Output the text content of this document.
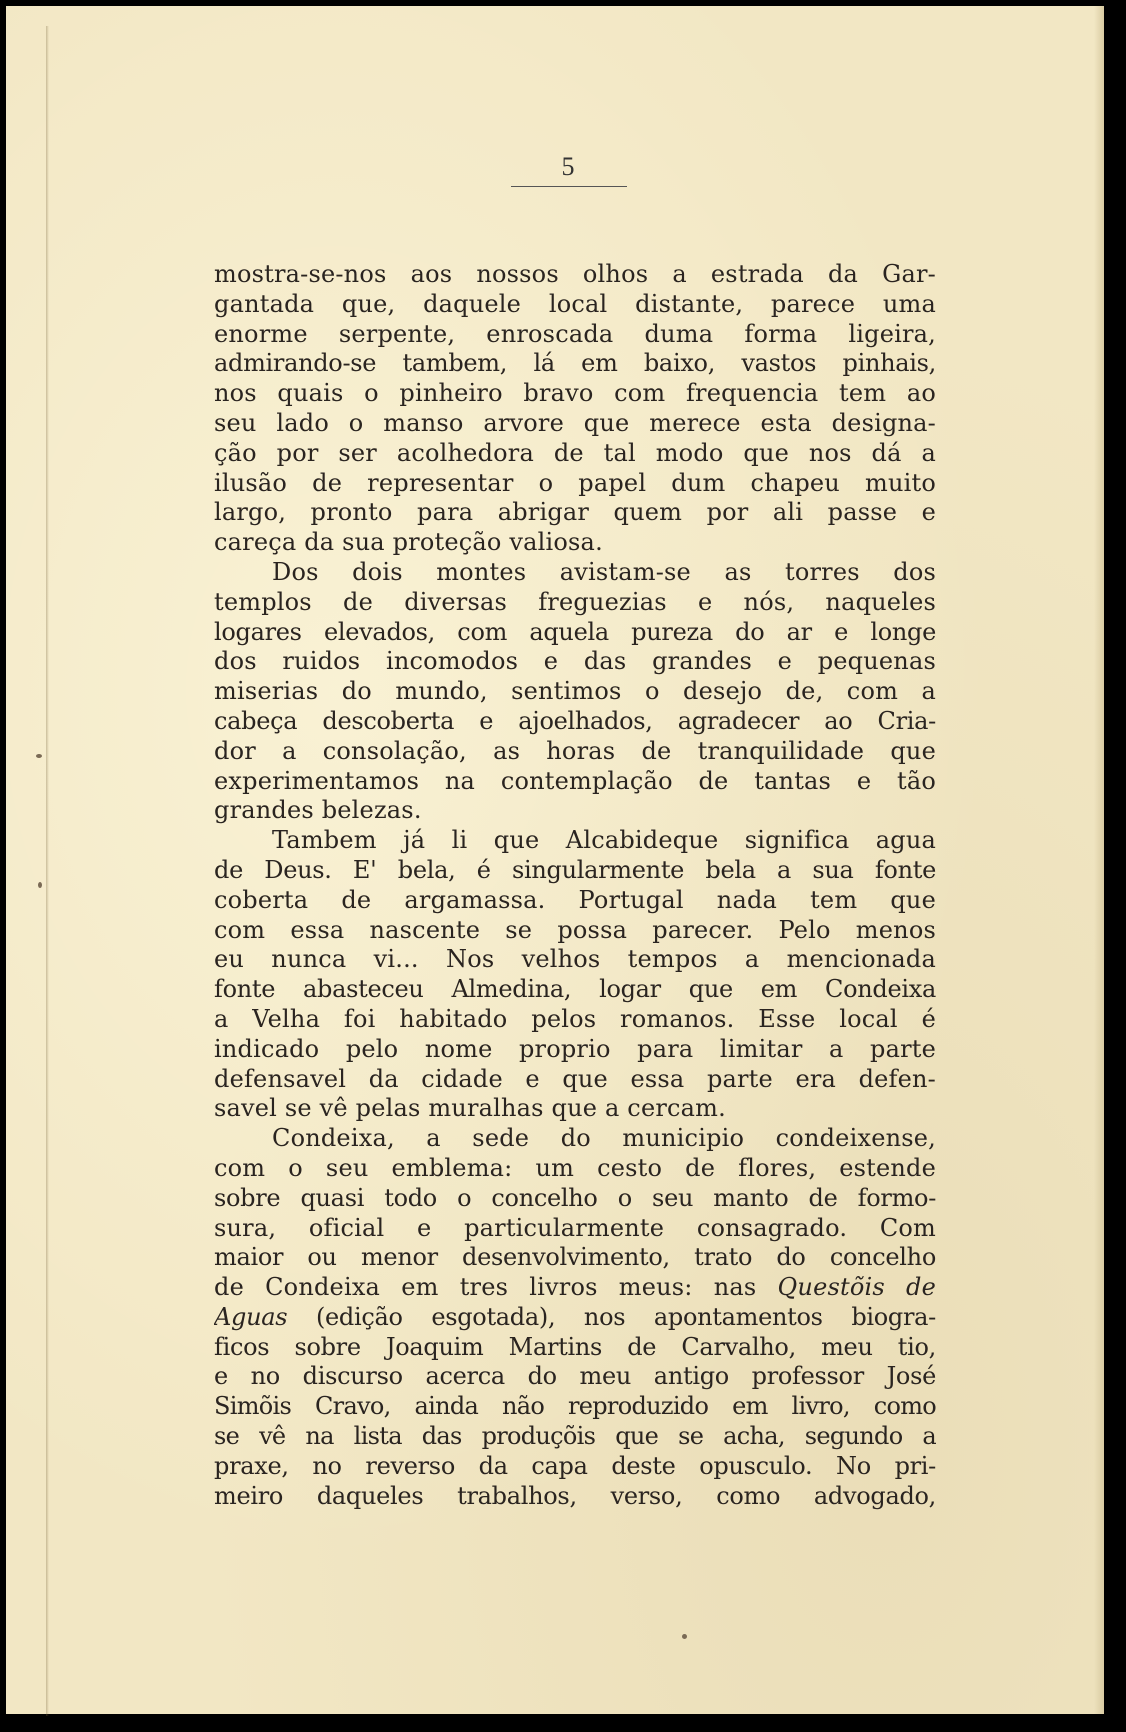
5
mostra-se-nos aos nossos olhos a estrada da Gar-
gantada que, daquele local distante, parece uma
enorme serpente, enroscada duma forma ligeira,
admirando-se tambem, lá em baixo, vastos pinhais,
nos quais o pinheiro bravo com frequencia tem ao
seu lado o manso arvore que merece esta designa-
ção por ser acolhedora de tal modo que nos dá a
ilusão de representar o papel dum chapeu muito
largo, pronto para abrigar quem por ali passe e
careça da sua proteção valiosa.
Dos dois montes avistam-se as torres dos
templos de diversas freguezias e nós, naqueles
logares elevados, com aquela pureza do ar e longe
dos ruidos incomodos e das grandes e pequenas
miserias do mundo, sentimos o desejo de, com a
cabeça descoberta e ajoelhados, agradecer ao Cria-
dor a consolação, as horas de tranquilidade que
experimentamos na contemplação de tantas e tão
grandes belezas.
Tambem já li que Alcabideque significa agua
de Deus. E' bela, é singularmente bela a sua fonte
coberta de argamassa. Portugal nada tem que
com essa nascente se possa parecer. Pelo menos
eu nunca vi... Nos velhos tempos a mencionada
fonte abasteceu Almedina, logar que em Condeixa
a Velha foi habitado pelos romanos. Esse local é
indicado pelo nome proprio para limitar a parte
defensavel da cidade e que essa parte era defen-
savel se vê pelas muralhas que a cercam.
Condeixa, a sede do municipio condeixense,
com o seu emblema: um cesto de flores, estende
sobre quasi todo o concelho o seu manto de formo-
sura, oficial e particularmente consagrado. Com
maior ou menor desenvolvimento, trato do concelho
de Condeixa em tres livros meus: nas Questõis de
Aguas (edição esgotada), nos apontamentos biogra-
ficos sobre Joaquim Martins de Carvalho, meu tio,
e no discurso acerca do meu antigo professor José
Simõis Cravo, ainda não reproduzido em livro, como
se vê na lista das produçõis que se acha, segundo a
praxe, no reverso da capa deste opusculo. No pri-
meiro daqueles trabalhos, verso, como advogado,
